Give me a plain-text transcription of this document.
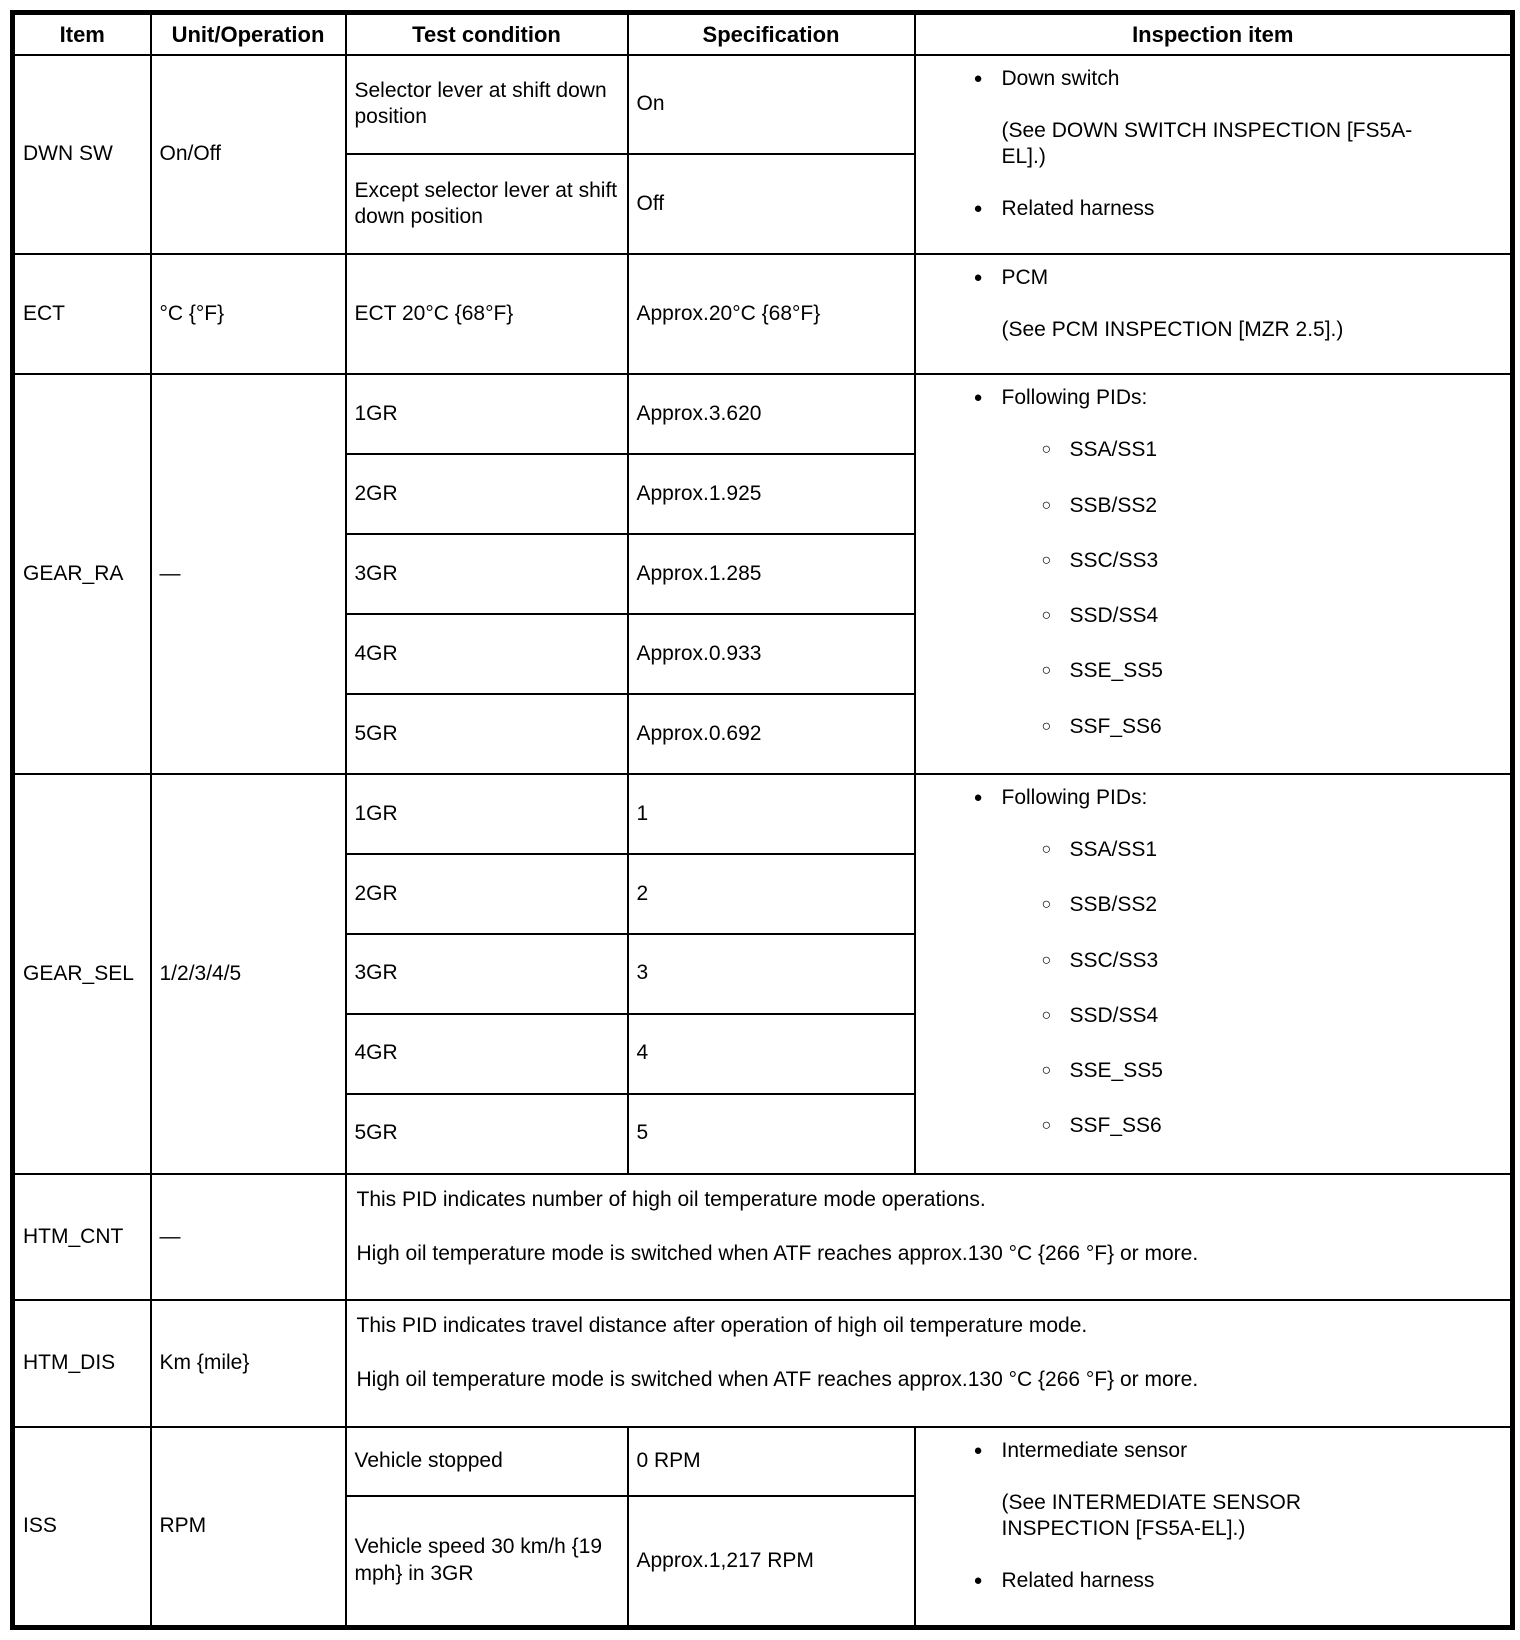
Item	Unit/Operation	Test condition	Specification	Inspection item
DWN SW	On/Off	Selector lever at shift down position	On	● Down switch
(See DOWN SWITCH INSPECTION [FS5A-EL].)
● Related harness

		Except selector lever at shift down position	Off	
ECT	°C {°F}	ECT 20°C {68°F}	Approx.20°C {68°F}	● PCM
(See PCM INSPECTION [MZR 2.5].)

GEAR_RA	—	1GR	Approx.3.620	
● Following PIDs:
○ SSA/SS1
○ SSB/SS2
○ SSC/SS3
○ SSD/SS4
○ SSE_SS5
○ SSF_SS6

		2GR	Approx.1.925	
		3GR	Approx.1.285	
		4GR	Approx.0.933	
		5GR	Approx.0.692	
GEAR_SEL	1/2/3/4/5	1GR	1	
● Following PIDs:
○ SSA/SS1
○ SSB/SS2
○ SSC/SS3
○ SSD/SS4
○ SSE_SS5
○ SSF_SS6

		2GR	2	
		3GR	3	
		4GR	4	
		5GR	5	
HTM_CNT	—	This PID indicates number of high oil temperature mode operations.

High oil temperature mode is switched when ATF reaches approx.130 °C {266 °F} or more.		

HTM_DIS	Km {mile}	This PID indicates travel distance after operation of high oil temperature mode.

High oil temperature mode is switched when ATF reaches approx.130 °C {266 °F} or more.		

ISS	RPM	Vehicle stopped	0 RPM	● Intermediate sensor
(See INTERMEDIATE SENSOR INSPECTION [FS5A-EL].)
● Related harness

		Vehicle speed 30 km/h {19 mph} in 3GR	Approx.1,217 RPM	
